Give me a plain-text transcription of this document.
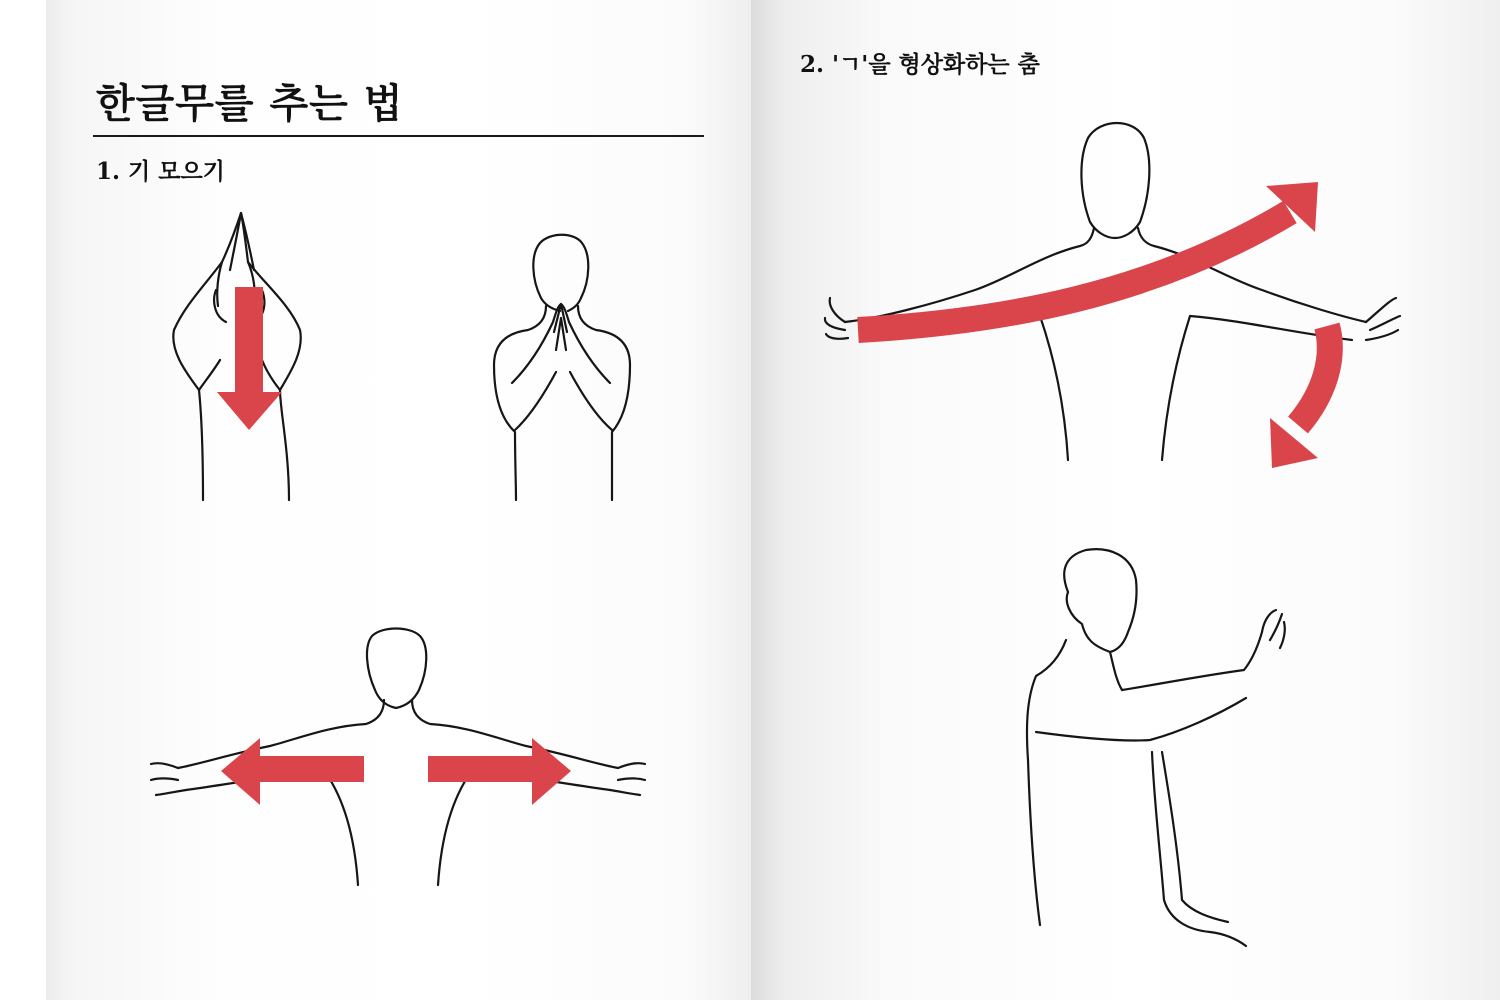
한글무를 추는 법
1. 기 모으기
2. 'ㄱ'을 형상화하는 춤
